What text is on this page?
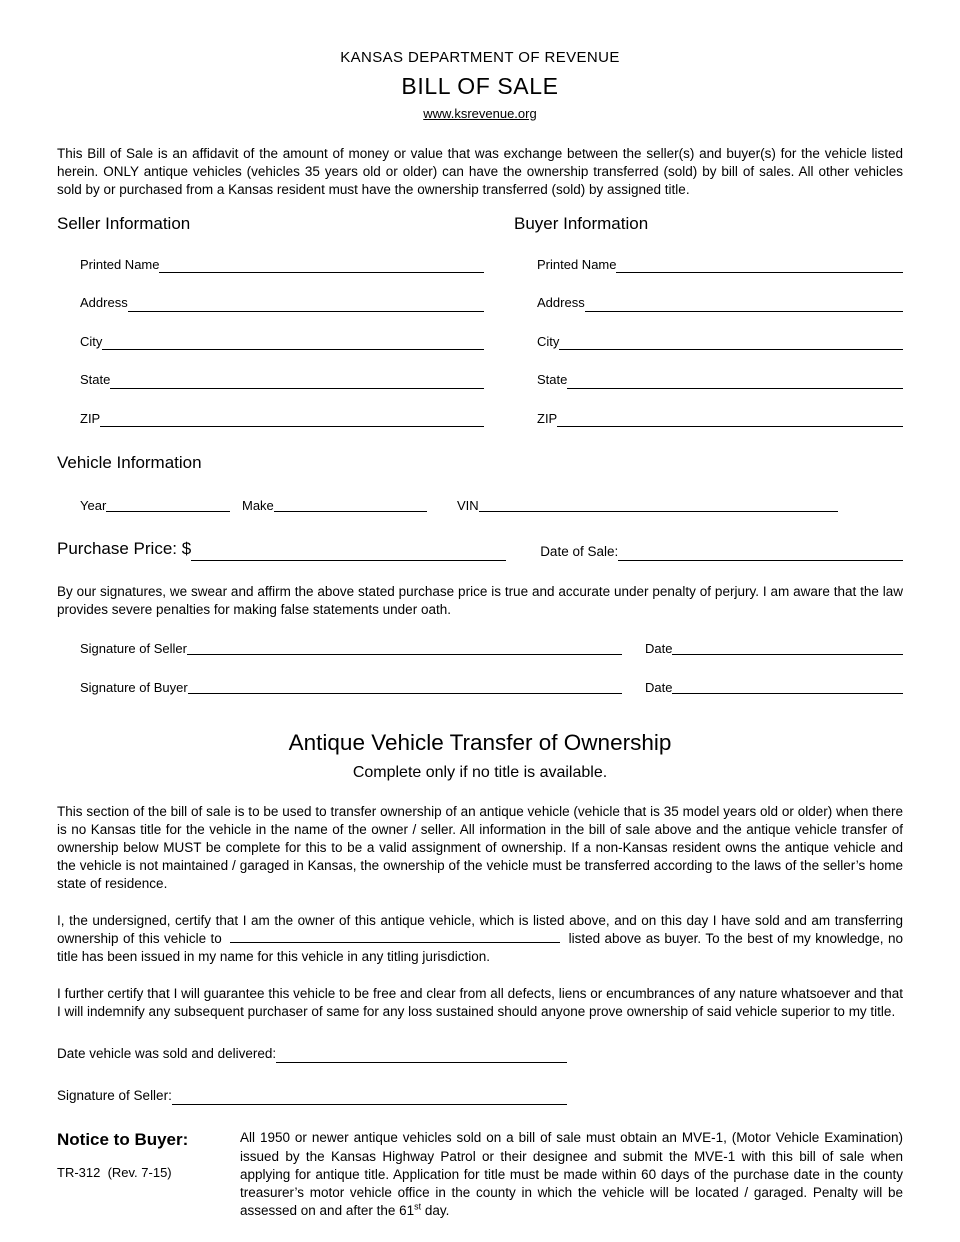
KANSAS DEPARTMENT OF REVENUE
BILL OF SALE
www.ksrevenue.org

This Bill of Sale is an affidavit of the amount of money or value that was exchange between the seller(s) and buyer(s) for the vehicle listed herein. ONLY antique vehicles (vehicles 35 years old or older) can have the ownership transferred (sold) by bill of sales. All other vehicles sold by or purchased from a Kansas resident must have the ownership transferred (sold) by assigned title.

Seller Information
Printed Name
Address
City
State
ZIP
Buyer Information
Printed Name
Address
City
State
ZIP
Vehicle Information
Year	Make	VIN
Purchase Price: $	Date of Sale:

By our signatures, we swear and affirm the above stated purchase price is true and accurate under penalty of perjury. I am aware that the law provides severe penalties for making false statements under oath.

Signature of Seller	Date
Signature of Buyer	Date
Antique Vehicle Transfer of Ownership
Complete only if no title is available.

This section of the bill of sale is to be used to transfer ownership of an antique vehicle (vehicle that is 35 model years old or older) when there is no Kansas title for the vehicle in the name of the owner / seller. All information in the bill of sale above and the antique vehicle transfer of ownership below MUST be complete for this to be a valid assignment of ownership. If a non-Kansas resident owns the antique vehicle and the vehicle is not maintained / garaged in Kansas, the ownership of the vehicle must be transferred according to the laws of the seller’s home state of residence.

I, the undersigned, certify that I am the owner of this antique vehicle, which is listed above, and on this day I have sold and am transferring ownership of this vehicle to	listed above as buyer. To the best of my knowledge, no title has been issued in my name for this vehicle in any titling jurisdiction.

I further certify that I will guarantee this vehicle to be free and clear from all defects, liens or encumbrances of any nature whatsoever and that I will indemnify any subsequent purchaser of same for any loss sustained should anyone prove ownership of said vehicle superior to my title.

Date vehicle was sold and delivered:
Signature of Seller:
Notice to Buyer:	All 1950 or newer antique vehicles sold on a bill of sale must obtain an MVE-1, (Motor Vehicle Examination) issued by the Kansas Highway Patrol or their designee and submit the MVE-1 with this bill of sale when applying for antique title. Application for title must be made within 60 days of the purchase date in the county treasurer’s motor vehicle office in the county in which the vehicle will be located / garaged. Penalty will be assessed on and after the 61st day.
TR-312  (Rev. 7-15)
